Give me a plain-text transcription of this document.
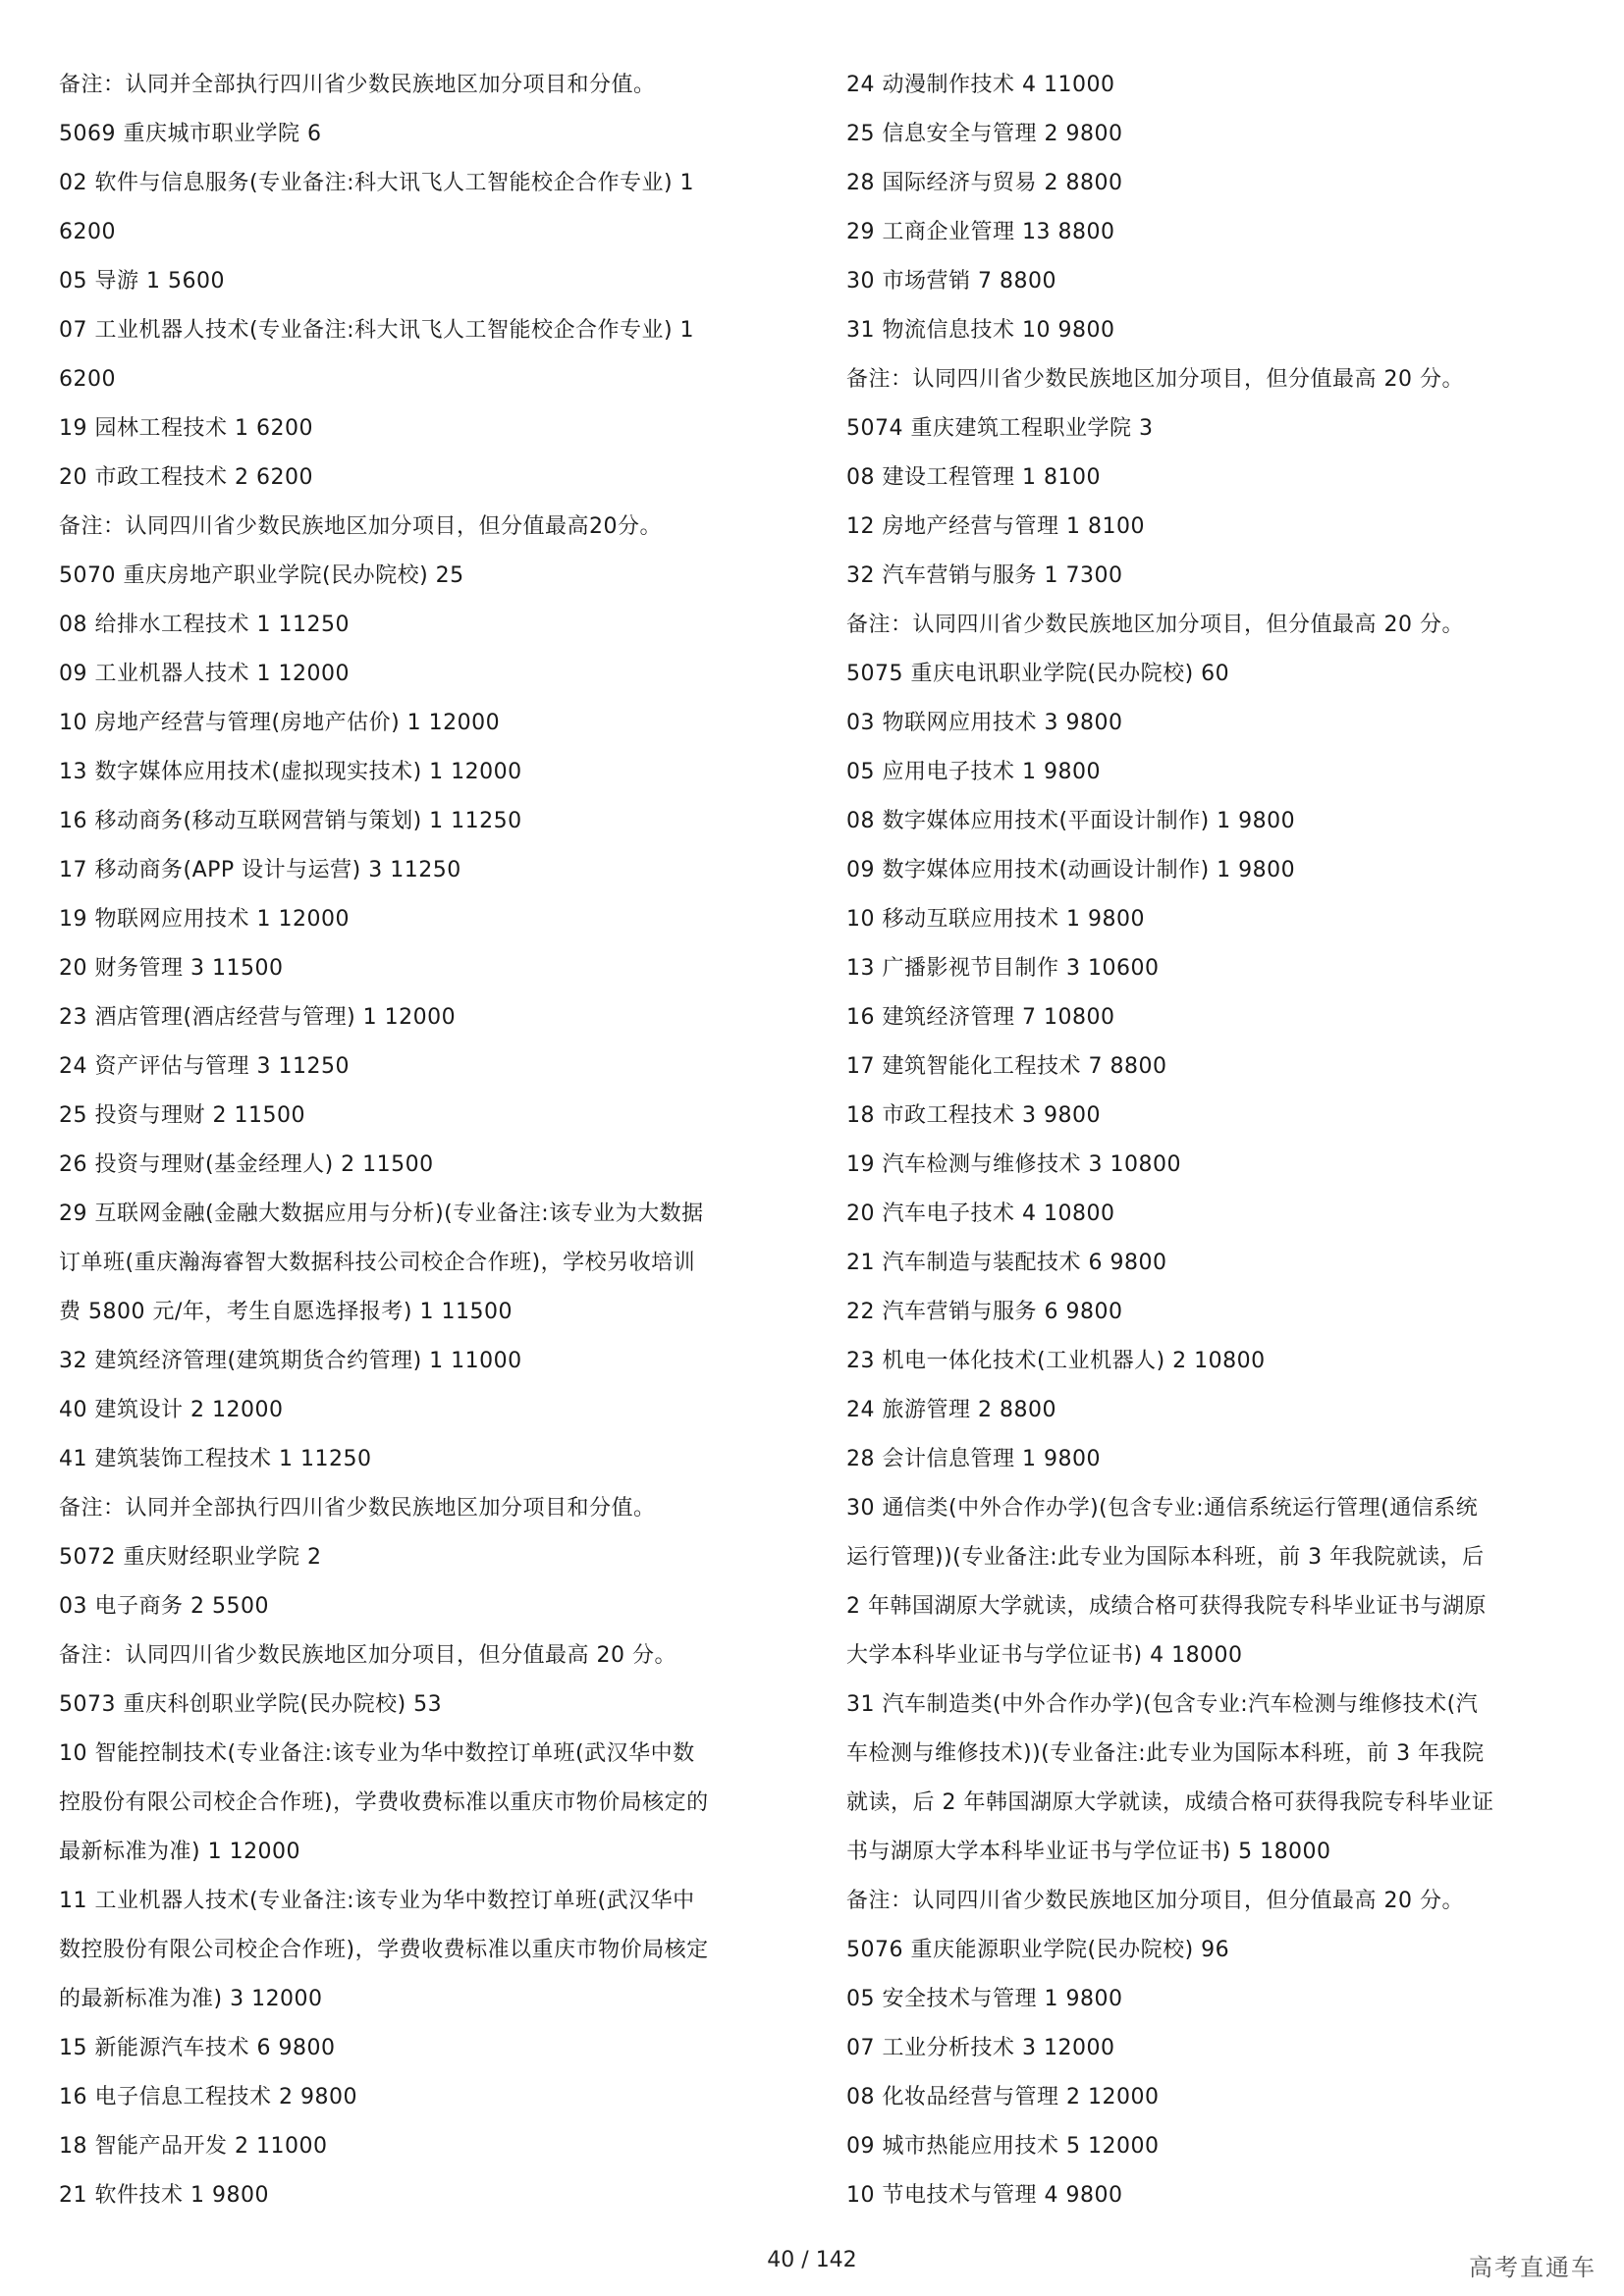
备注：认同并全部执行四川省少数民族地区加分项目和分值。
5069 重庆城市职业学院 6
02 软件与信息服务(专业备注:科大讯飞人工智能校企合作专业) 1
6200
05 导游 1 5600
07 工业机器人技术(专业备注:科大讯飞人工智能校企合作专业) 1
6200
19 园林工程技术 1 6200
20 市政工程技术 2 6200
备注：认同四川省少数民族地区加分项目，但分值最高20分。
5070 重庆房地产职业学院(民办院校) 25
08 给排水工程技术 1 11250
09 工业机器人技术 1 12000
10 房地产经营与管理(房地产估价) 1 12000
13 数字媒体应用技术(虚拟现实技术) 1 12000
16 移动商务(移动互联网营销与策划) 1 11250
17 移动商务(APP 设计与运营) 3 11250
19 物联网应用技术 1 12000
20 财务管理 3 11500
23 酒店管理(酒店经营与管理) 1 12000
24 资产评估与管理 3 11250
25 投资与理财 2 11500
26 投资与理财(基金经理人) 2 11500
29 互联网金融(金融大数据应用与分析)(专业备注:该专业为大数据
订单班(重庆瀚海睿智大数据科技公司校企合作班)，学校另收培训
费 5800 元/年，考生自愿选择报考) 1 11500
32 建筑经济管理(建筑期货合约管理) 1 11000
40 建筑设计 2 12000
41 建筑装饰工程技术 1 11250
备注：认同并全部执行四川省少数民族地区加分项目和分值。
5072 重庆财经职业学院 2
03 电子商务 2 5500
备注：认同四川省少数民族地区加分项目，但分值最高 20 分。
5073 重庆科创职业学院(民办院校) 53
10 智能控制技术(专业备注:该专业为华中数控订单班(武汉华中数
控股份有限公司校企合作班)，学费收费标准以重庆市物价局核定的
最新标准为准) 1 12000
11 工业机器人技术(专业备注:该专业为华中数控订单班(武汉华中
数控股份有限公司校企合作班)，学费收费标准以重庆市物价局核定
的最新标准为准) 3 12000
15 新能源汽车技术 6 9800
16 电子信息工程技术 2 9800
18 智能产品开发 2 11000
21 软件技术 1 9800
24 动漫制作技术 4 11000
25 信息安全与管理 2 9800
28 国际经济与贸易 2 8800
29 工商企业管理 13 8800
30 市场营销 7 8800
31 物流信息技术 10 9800
备注：认同四川省少数民族地区加分项目，但分值最高 20 分。
5074 重庆建筑工程职业学院 3
08 建设工程管理 1 8100
12 房地产经营与管理 1 8100
32 汽车营销与服务 1 7300
备注：认同四川省少数民族地区加分项目，但分值最高 20 分。
5075 重庆电讯职业学院(民办院校) 60
03 物联网应用技术 3 9800
05 应用电子技术 1 9800
08 数字媒体应用技术(平面设计制作) 1 9800
09 数字媒体应用技术(动画设计制作) 1 9800
10 移动互联应用技术 1 9800
13 广播影视节目制作 3 10600
16 建筑经济管理 7 10800
17 建筑智能化工程技术 7 8800
18 市政工程技术 3 9800
19 汽车检测与维修技术 3 10800
20 汽车电子技术 4 10800
21 汽车制造与装配技术 6 9800
22 汽车营销与服务 6 9800
23 机电一体化技术(工业机器人) 2 10800
24 旅游管理 2 8800
28 会计信息管理 1 9800
30 通信类(中外合作办学)(包含专业:通信系统运行管理(通信系统
运行管理))(专业备注:此专业为国际本科班，前 3 年我院就读，后
2 年韩国湖原大学就读，成绩合格可获得我院专科毕业证书与湖原
大学本科毕业证书与学位证书) 4 18000
31 汽车制造类(中外合作办学)(包含专业:汽车检测与维修技术(汽
车检测与维修技术))(专业备注:此专业为国际本科班，前 3 年我院
就读，后 2 年韩国湖原大学就读，成绩合格可获得我院专科毕业证
书与湖原大学本科毕业证书与学位证书) 5 18000
备注：认同四川省少数民族地区加分项目，但分值最高 20 分。
5076 重庆能源职业学院(民办院校) 96
05 安全技术与管理 1 9800
07 工业分析技术 3 12000
08 化妆品经营与管理 2 12000
09 城市热能应用技术 5 12000
10 节电技术与管理 4 9800
40 / 142	高考直通车
